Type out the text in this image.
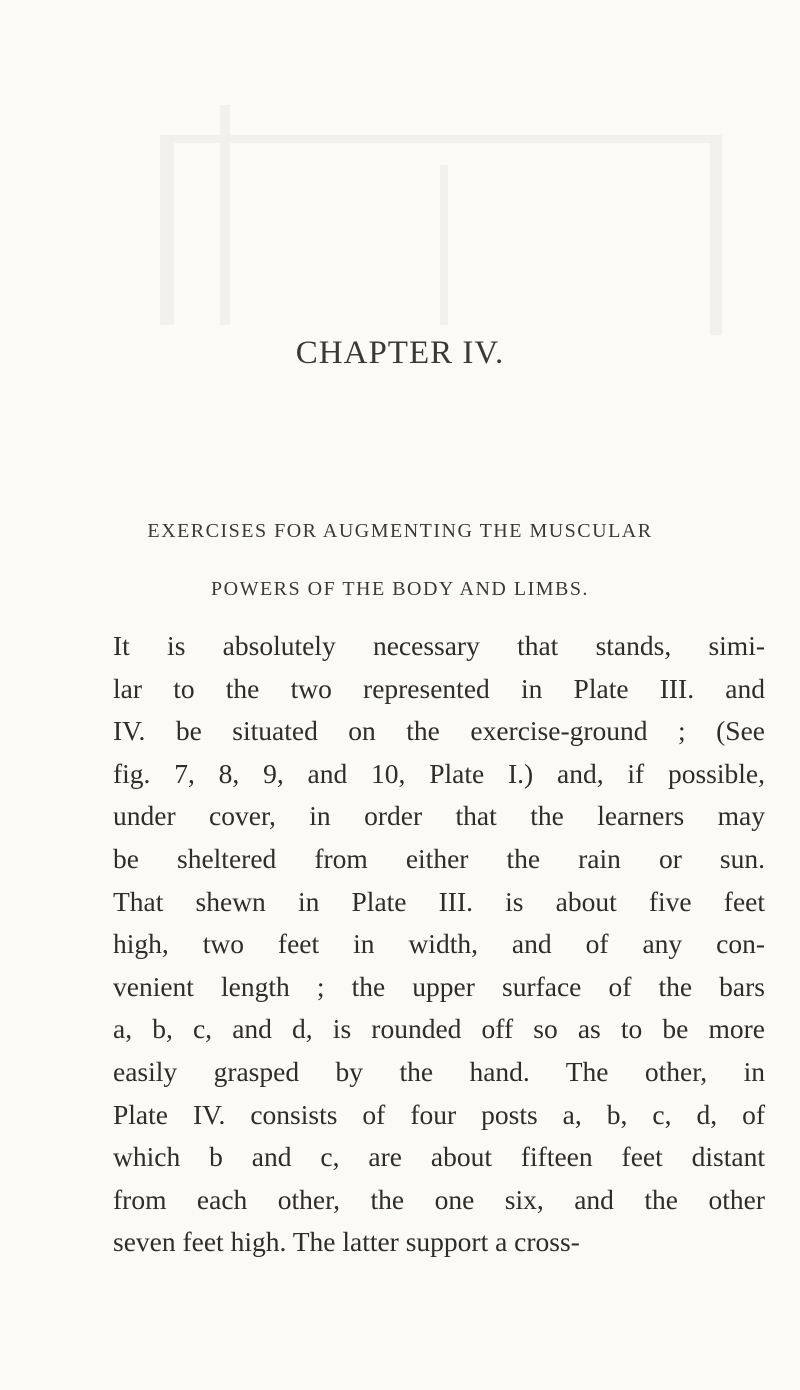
CHAPTER IV.
EXERCISES FOR AUGMENTING THE MUSCULAR
POWERS OF THE BODY AND LIMBS.

It is absolutely necessary that stands, simi-
lar to the two represented in Plate III. and
IV. be situated on the exercise-ground ; (See
fig. 7, 8, 9, and 10, Plate I.) and, if possible,
under cover, in order that the learners may
be sheltered from either the rain or sun.
That shewn in Plate III. is about five feet
high, two feet in width, and of any con-
venient length ; the upper surface of the bars
a, b, c, and d, is rounded off so as to be more
easily grasped by the hand. The other, in
Plate IV. consists of four posts a, b, c, d, of
which b and c, are about fifteen feet distant
from each other, the one six, and the other
seven feet high. The latter support a cross-
